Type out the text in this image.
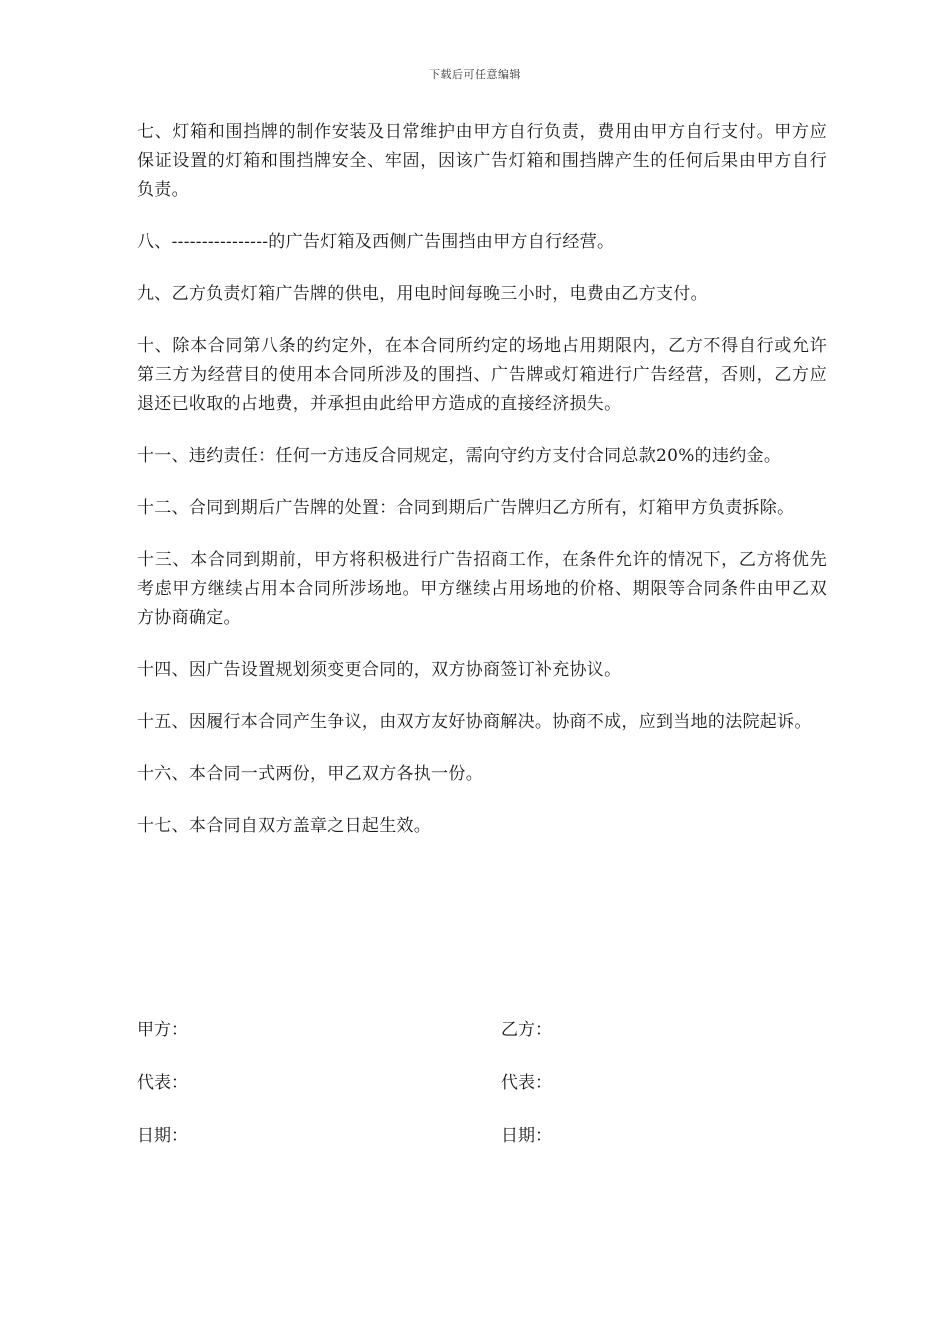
下载后可任意编辑

七、灯箱和围挡牌的制作安装及日常维护由甲方自行负责，费用由甲方自行支付。甲方应保证设置的灯箱和围挡牌安全、牢固，因该广告灯箱和围挡牌产生的任何后果由甲方自行负责。

八、----------------的广告灯箱及西侧广告围挡由甲方自行经营。

九、乙方负责灯箱广告牌的供电，用电时间每晚三小时，电费由乙方支付。

十、除本合同第八条的约定外，在本合同所约定的场地占用期限内，乙方不得自行或允许第三方为经营目的使用本合同所涉及的围挡、广告牌或灯箱进行广告经营，否则，乙方应退还已收取的占地费，并承担由此给甲方造成的直接经济损失。

十一、违约责任：任何一方违反合同规定，需向守约方支付合同总款20%的违约金。

十二、合同到期后广告牌的处置：合同到期后广告牌归乙方所有，灯箱甲方负责拆除。

十三、本合同到期前，甲方将积极进行广告招商工作，在条件允许的情况下，乙方将优先考虑甲方继续占用本合同所涉场地。甲方继续占用场地的价格、期限等合同条件由甲乙双方协商确定。

十四、因广告设置规划须变更合同的，双方协商签订补充协议。

十五、因履行本合同产生争议，由双方友好协商解决。协商不成，应到当地的法院起诉。

十六、本合同一式两份，甲乙双方各执一份。

十七、本合同自双方盖章之日起生效。

甲方：	乙方：
代表：	代表：
日期：	日期：
